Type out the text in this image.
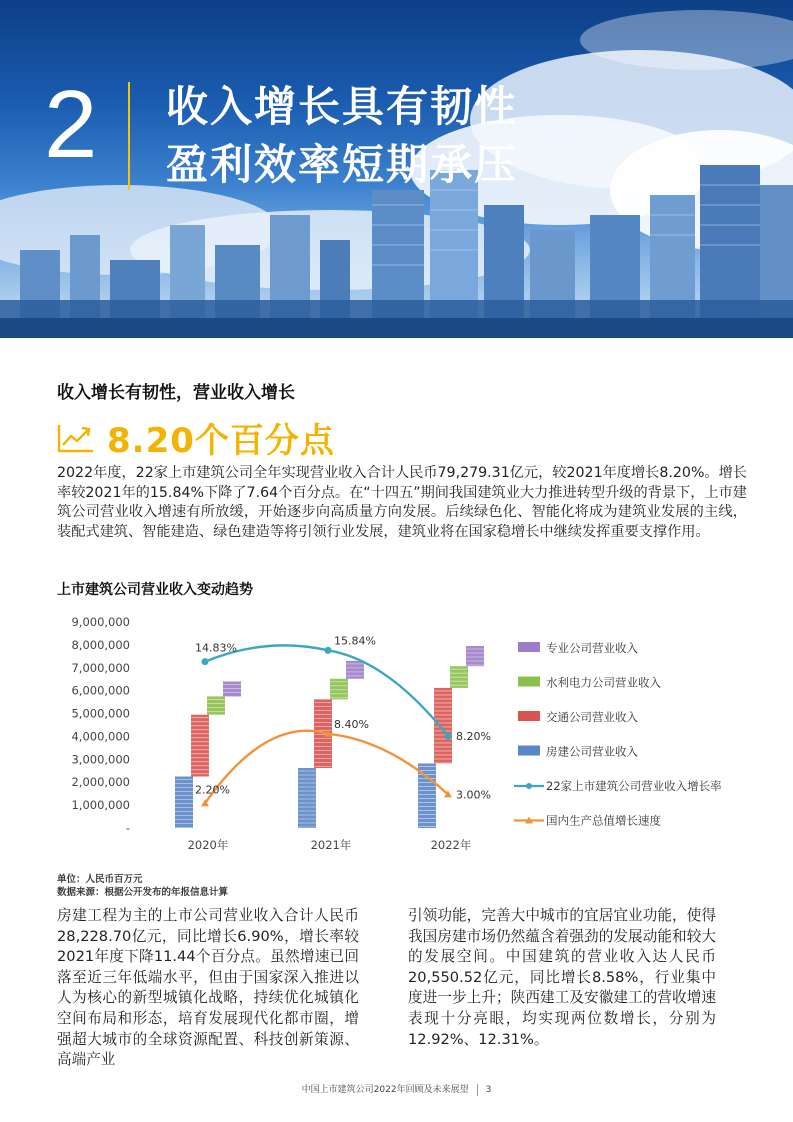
2 收入增长具有韧性
盈利效率短期承压
收入增长有韧性，营业收入增长
8.20个百分点
2022年度，22家上市建筑公司全年实现营业收入合计人民币79,279.31亿元，较2021年度增长8.20%。增长率较2021年的15.84%下降了7.64个百分点。在“十四五”期间我国建筑业大力推进转型升级的背景下，上市建筑公司营业收入增速有所放缓，开始逐步向高质量方向发展。后续绿色化、智能化将成为建筑业发展的主线，装配式建筑、智能建造、绿色建造等将引领行业发展，建筑业将在国家稳增长中继续发挥重要支撑作用。
上市建筑公司营业收入变动趋势
9,000,000
8,000,000
7,000,000
6,000,000
5,000,000
4,000,000
3,000,000
2,000,000
1,000,000
-
2020年	2021年	2022年
14.83%
15.84%
8.20%
2.20%
8.40%
3.00%
专业公司营业收入
水利电力公司营业收入
交通公司营业收入
房建公司营业收入
22家上市建筑公司营业收入增长率
国内生产总值增长速度
单位：人民币百万元
数据来源：根据公开发布的年报信息计算
房建工程为主的上市公司营业收入合计人民币28,228.70亿元，同比增长6.90%，增长率较2021年度下降11.44个百分点。虽然增速已回落至近三年低端水平，但由于国家深入推进以人为核心的新型城镇化战略，持续优化城镇化空间布局和形态，培育发展现代化都市圈，增强超大城市的全球资源配置、科技创新策源、高端产业
引领功能，完善大中城市的宜居宜业功能，使得我国房建市场仍然蕴含着强劲的发展动能和较大的发展空间。中国建筑的营业收入达人民币20,550.52亿元，同比增长8.58%，行业集中度进一步上升；陕西建工及安徽建工的营收增速表现十分亮眼，均实现两位数增长，分别为12.92%、12.31%。
中国上市建筑公司2022年回顾及未来展望 3
